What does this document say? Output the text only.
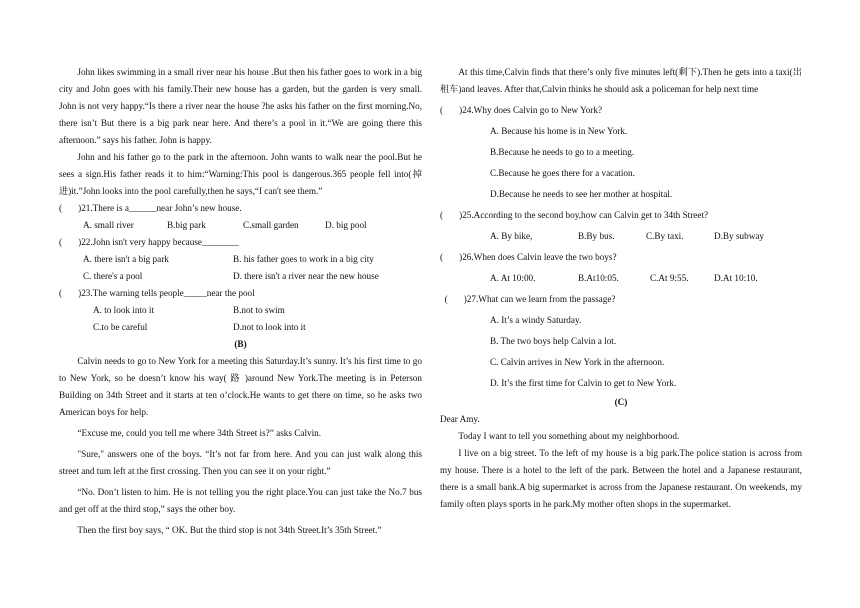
John likes swimming in a small river near his house .But then his father goes to work in a big city and John goes with his family.Their new house has a garden, but the garden is very small. John is not very happy.“Is there a river near the house ?he asks his father on the first morning.No, there isn’t But there is a big park near here. And there’s a pool in it.“We are going there this afternoon.” says his father. John is happy.

John and his father go to the park in the afternoon. John wants to walk near the pool.But he sees a sign.His father reads it to him:“Warning:This pool is dangerous.365 people fell into(掉进)it.”John looks into the pool carefully,then he says,“I can't see them.”

(       )21.There is a______near John’s new house.

A. small river	B.big park	C.small garden	D. big pool

(       )22.John isn't very happy because________

A. there isn't a big park	B. his father goes to work in a big city
C. there's a pool	D. there isn't a river near the new house

(       )23.The warning tells people_____near the pool

A. to look into it	B.not to swim
C.to be careful	D.not to look into it

(B)

Calvin needs to go to New York for a meeting this Saturday.It’s sunny. It’s his first time to go to New York, so he doesn’t know his way( 路 )around New York.The meeting is in Peterson Building on 34th Street and it starts at ten o’clock.He wants to get there on time, so he asks two American boys for help.

“Excuse me, could you tell me where 34th Street is?” asks Calvin.

"Sure," answers one of the boys. “It’s not far from here. And you can just walk along this street and tum left at the first crossing. Then you can see it on your right.”

“No. Don’t listen to him. He is not telling you the right place.You can just take the No.7 bus and get off at the third stop,” says the other boy.

Then the first boy says, “ OK. But the third stop is not 34th Street.It’s 35th Street.”

At this time,Calvin finds that there’s only five minutes left(剩下).Then he gets into a taxi(出租车)and leaves. After that,Calvin thinks he should ask a policeman for help next time

(       )24.Why does Calvin go to New York?

A. Because his home is in New York.

B.Because he needs to go to a meeting.

C.Because he goes there for a vacation.

D.Because he needs to see her mother at hospital.

(       )25.According to the second boy,how can Calvin get to 34th Street?

A. By bike,	B.By bus.	C.By taxi.	D.By subway

(       )26.When does Calvin leave the two boys?

A. At 10:00.	B.At10:05.	C.At 9:55.	D.At 10:10.

(       )27.What can we learn from the passage?

A. It’s a windy Saturday.

B. The two boys help Calvin a lot.

C. Calvin arrives in New York in the afternoon.

D. It’s the first time for Calvin to get to New York.

(C)

Dear Amy.

Today I want to tell you something about my neighborhood.

I live on a big street. To the left of my house is a big park.The police station is across from my house. There is a hotel to the left of the park. Between the hotel and a Japanese restaurant, there is a small bank.A big supermarket is across from the Japanese restaurant. On weekends, my family often plays sports in he park.My mother often shops in the supermarket.
